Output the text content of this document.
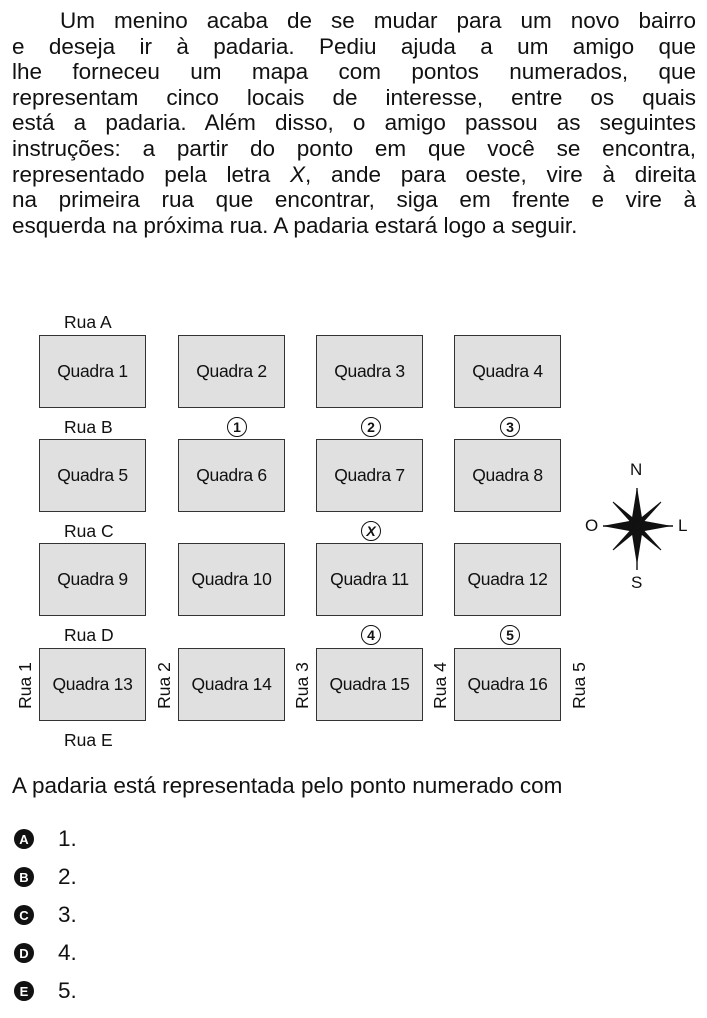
Um menino acaba de se mudar para um novo bairro
e deseja ir à padaria. Pediu ajuda a um amigo que
lhe forneceu um mapa com pontos numerados, que
representam cinco locais de interesse, entre os quais
está a padaria. Além disso, o amigo passou as seguintes
instruções: a partir do ponto em que você se encontra,
representado pela letra X, ande para oeste, vire à direita
na primeira rua que encontrar, siga em frente e vire à
esquerda na próxima rua. A padaria estará logo a seguir.
Rua A
Rua B
Rua C
Rua D
Rua E
Quadra 1	Quadra 2	Quadra 3	Quadra 4
Quadra 5	Quadra 6	Quadra 7	Quadra 8
Quadra 9	Quadra 10	Quadra 11	Quadra 12
Quadra 13	Quadra 14	Quadra 15	Quadra 16
Rua 1	Rua 2	Rua 3	Rua 4	Rua 5
1	2	3
X
4	5
N
S
O	L
A padaria está representada pelo ponto numerado com
A 1.
B 2.
C 3.
D 4.
E 5.
